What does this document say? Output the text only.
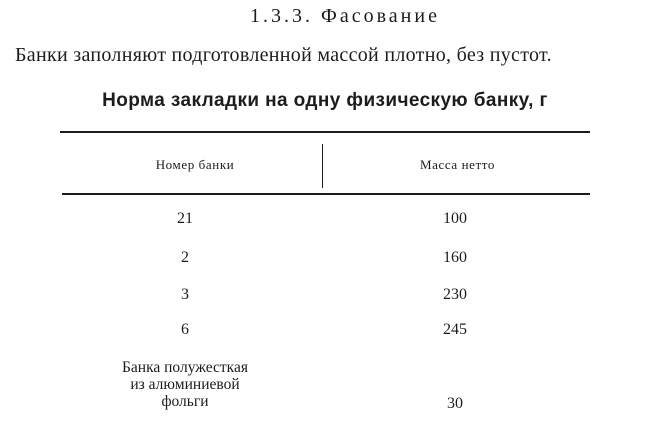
1.3.3. Фасование
Банки заполняют подготовленной массой плотно, без пустот.
Норма закладки на одну физическую банку, г
Номер банки	Масса нетто
21	100
2	160
3	230
6	245
Банка полужесткая
из алюминиевой
фольги	30
